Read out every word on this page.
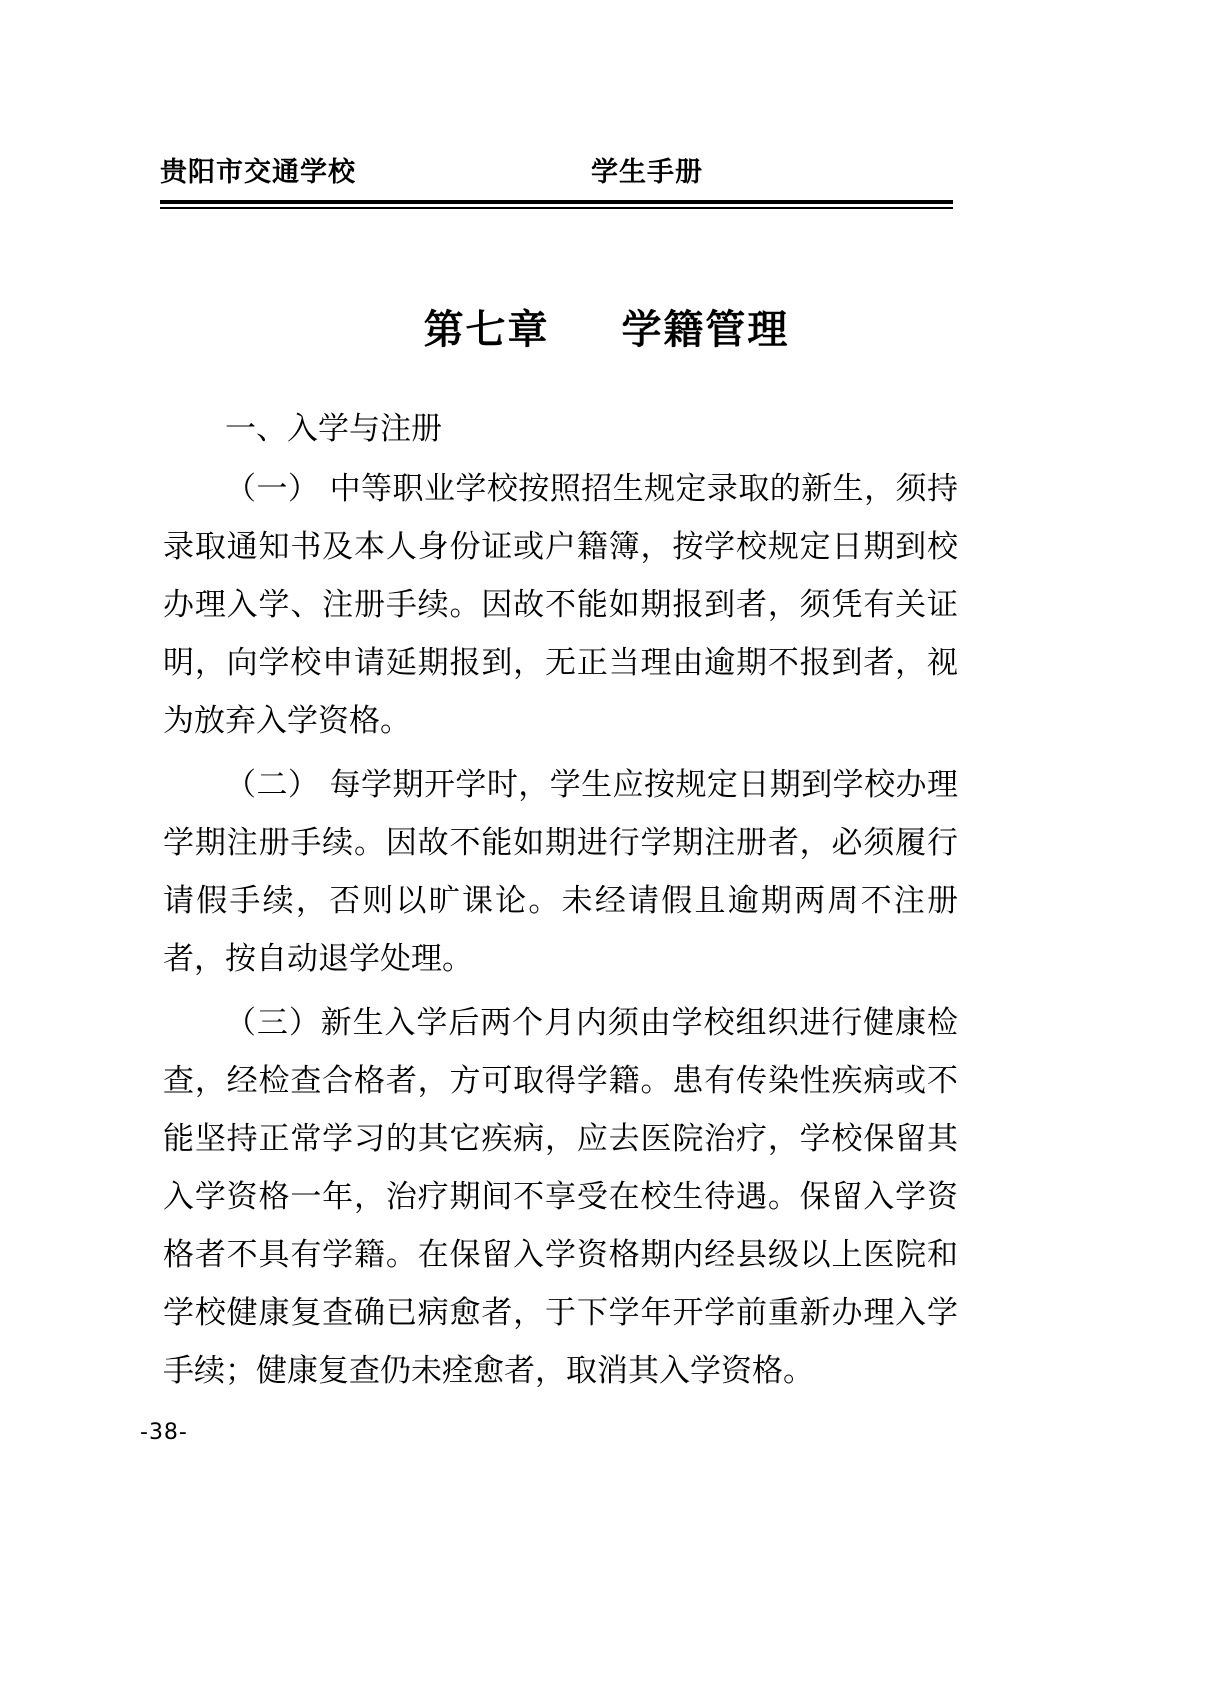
贵阳市交通学校	学生手册
第七章 学籍管理

一、入学与注册

（一） 中等职业学校按照招生规定录取的新生，须持录取通知书及本人身份证或户籍簿，按学校规定日期到校办理入学、注册手续。因故不能如期报到者，须凭有关证明，向学校申请延期报到，无正当理由逾期不报到者，视为放弃入学资格。

（二） 每学期开学时，学生应按规定日期到学校办理学期注册手续。因故不能如期进行学期注册者，必须履行请假手续，否则以旷课论。未经请假且逾期两周不注册者，按自动退学处理。

（三）新生入学后两个月内须由学校组织进行健康检查，经检查合格者，方可取得学籍。患有传染性疾病或不能坚持正常学习的其它疾病，应去医院治疗，学校保留其入学资格一年，治疗期间不享受在校生待遇。保留入学资格者不具有学籍。在保留入学资格期内经县级以上医院和学校健康复查确已病愈者，于下学年开学前重新办理入学手续；健康复查仍未痊愈者，取消其入学资格。

-38-
